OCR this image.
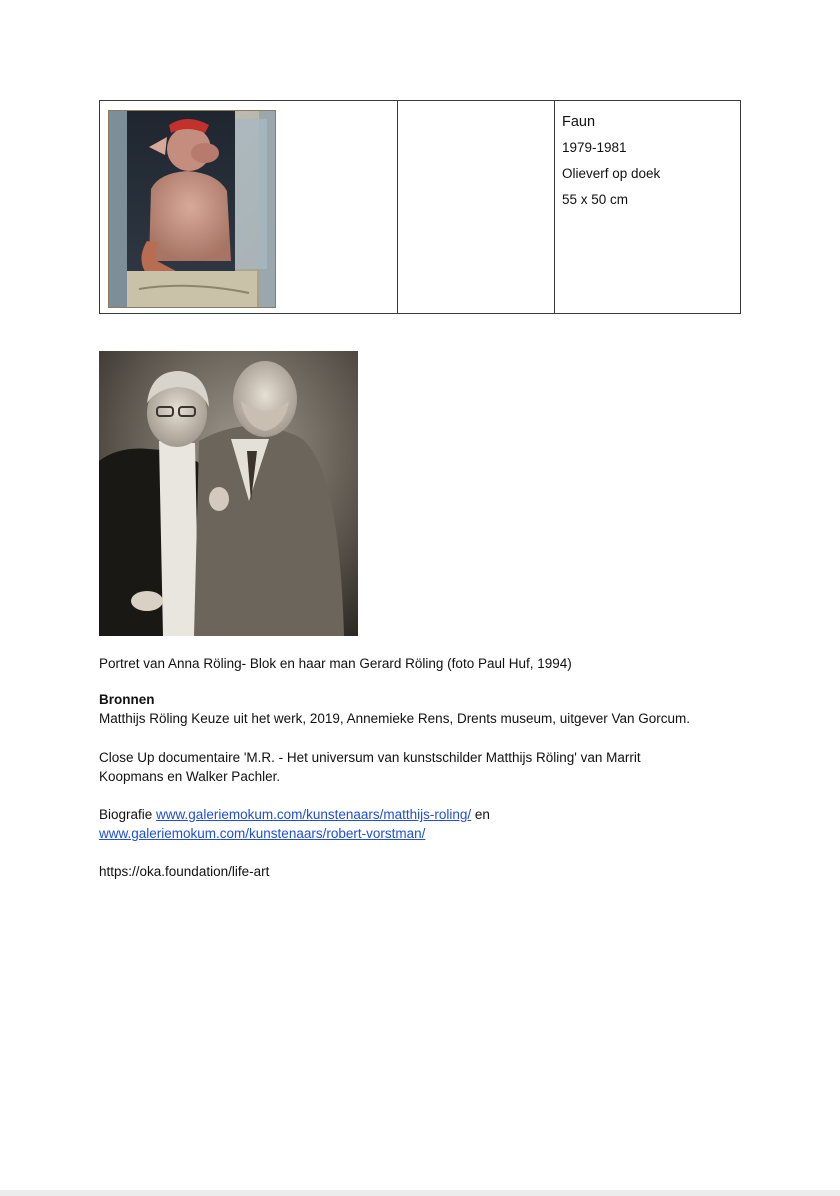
Faun
1979-1981
Olieverf op doek
55 x 50 cm
Portret van Anna Röling- Blok en haar man Gerard Röling (foto Paul Huf, 1994)
Bronnen
Matthijs Röling Keuze uit het werk, 2019, Annemieke Rens, Drents museum, uitgever Van Gorcum.
Close Up documentaire 'M.R. - Het universum van kunstschilder Matthijs Röling' van Marrit
Koopmans en Walker Pachler.
Biografie www.galeriemokum.com/kunstenaars/matthijs-roling/ en
www.galeriemokum.com/kunstenaars/robert-vorstman/
https://oka.foundation/life-art
